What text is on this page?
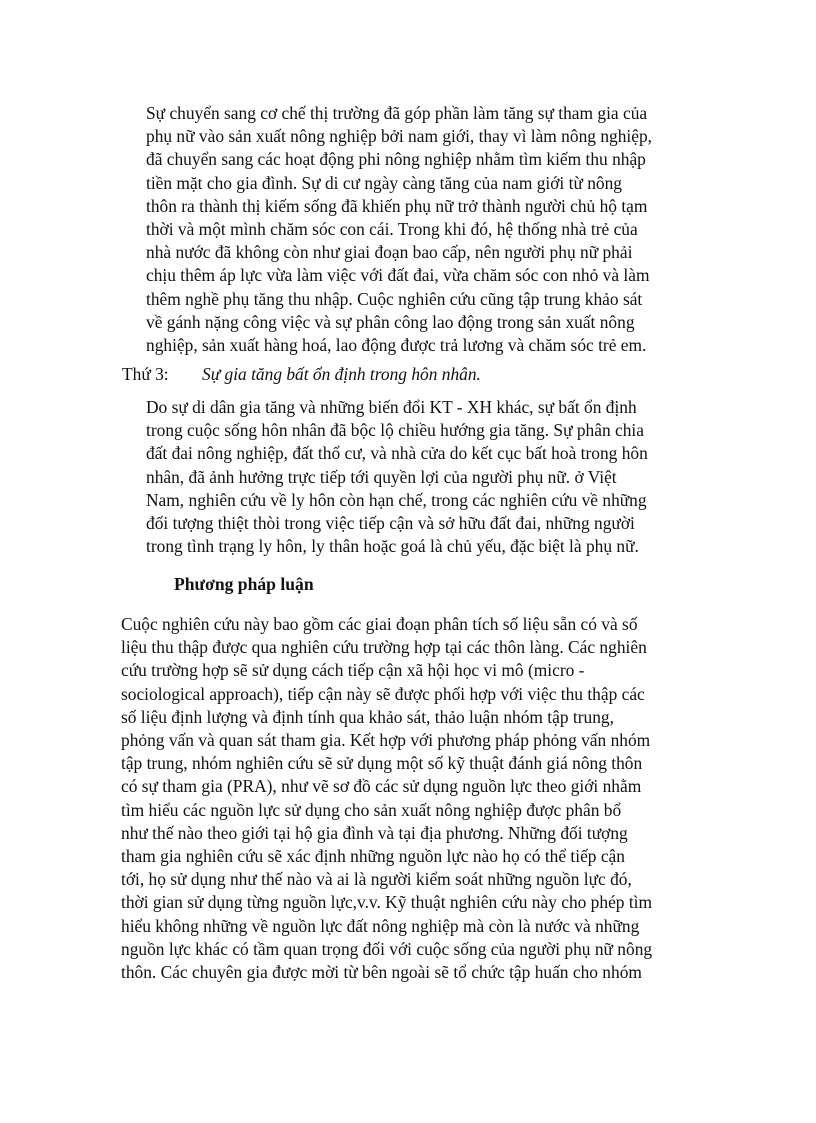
Sự chuyển sang cơ chế thị trường đã góp phần làm tăng sự tham gia của
phụ nữ vào sản xuất nông nghiệp bởi nam giới, thay vì làm nông nghiệp,
đã chuyển sang các hoạt động phi nông nghiệp nhằm tìm kiếm thu nhập
tiền mặt cho gia đình. Sự di cư ngày càng tăng của nam giới từ nông
thôn ra thành thị kiếm sống đã khiến phụ nữ trở thành người chủ hộ tạm
thời và một mình chăm sóc con cái. Trong khi đó, hệ thống nhà trẻ của
nhà nước đã không còn như giai đoạn bao cấp, nên người phụ nữ phải
chịu thêm áp lực vừa làm việc với đất đai, vừa chăm sóc con nhỏ và làm
thêm nghề phụ tăng thu nhập. Cuộc nghiên cứu cũng tập trung khảo sát
về gánh nặng công việc và sự phân công lao động trong sản xuất nông
nghiệp, sản xuất hàng hoá, lao động được trả lương và chăm sóc trẻ em.
Thứ 3: Sự gia tăng bất ổn định trong hôn nhân.
Do sự di dân gia tăng và những biến đổi KT - XH khác, sự bất ổn định
trong cuộc sống hôn nhân đã bộc lộ chiều hướng gia tăng. Sự phân chia
đất đai nông nghiệp, đất thổ cư, và nhà cửa do kết cục bất hoà trong hôn
nhân, đã ảnh hưởng trực tiếp tới quyền lợi của người phụ nữ. ở Việt
Nam, nghiên cứu về ly hôn còn hạn chế, trong các nghiên cứu về những
đối tượng thiệt thòi trong việc tiếp cận và sở hữu đất đai, những người
trong tình trạng ly hôn, ly thân hoặc goá là chủ yếu, đặc biệt là phụ nữ.
Phương pháp luận
Cuộc nghiên cứu này bao gồm các giai đoạn phân tích số liệu sẵn có và số
liệu thu thập được qua nghiên cứu trường hợp tại các thôn làng. Các nghiên
cứu trường hợp sẽ sử dụng cách tiếp cận xã hội học vi mô (micro -
sociological approach), tiếp cận này sẽ được phối hợp với việc thu thập các
số liệu định lượng và định tính qua khảo sát, thảo luận nhóm tập trung,
phỏng vấn và quan sát tham gia. Kết hợp với phương pháp phỏng vấn nhóm
tập trung, nhóm nghiên cứu sẽ sử dụng một số kỹ thuật đánh giá nông thôn
có sự tham gia (PRA), như vẽ sơ đồ các sử dụng nguồn lực theo giới nhằm
tìm hiểu các nguồn lực sử dụng cho sản xuất nông nghiệp được phân bổ
như thế nào theo giới tại hộ gia đình và tại địa phương. Những đối tượng
tham gia nghiên cứu sẽ xác định những nguồn lực nào họ có thể tiếp cận
tới, họ sử dụng như thế nào và ai là người kiểm soát những nguồn lực đó,
thời gian sử dụng từng nguồn lực,v.v. Kỹ thuật nghiên cứu này cho phép tìm
hiểu không những về nguồn lực đất nông nghiệp mà còn là nước và những
nguồn lực khác có tầm quan trọng đối với cuộc sống của người phụ nữ nông
thôn. Các chuyên gia được mời từ bên ngoài sẽ tổ chức tập huấn cho nhóm
